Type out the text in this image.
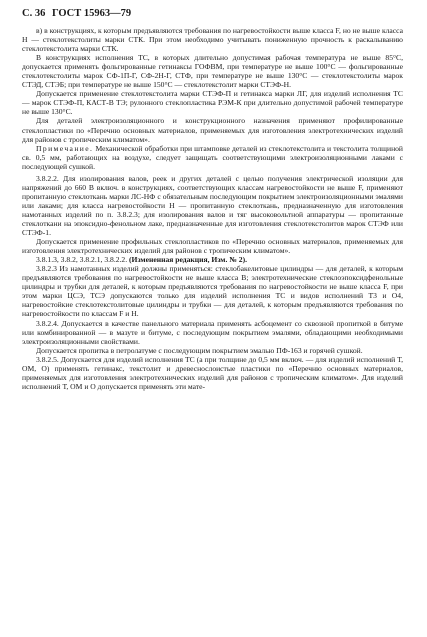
С. 36 ГОСТ 15963—79

в) в конструкциях, к которым предъявляются требования по нагревостойкости выше класса F, но не выше класса Н — стеклотекстолиты марки СТК. При этом необходимо учитывать пониженную прочность к раскалыванию стеклотекстолита марки СТК.

В конструкциях исполнения ТС, в которых длительно допустимая рабочая температура не выше 85°С, допускается применять фольгированные гетинаксы ГОФВМ, при температуре не выше 100°С — фольгированные стеклотекстолиты марок СФ-1П-Г, СФ-2Н-Г, СТФ, при температуре не выше 130°С — стеклотекстолиты марок СТЭД, СТЭБ; при температуре не выше 150°С — стеклотекстолит марки СТЭФ-Н.

Допускается применение стеклотекстолита марки СТЭФ-П и гетинакса марки ЛГ, для изделий исполнения ТС — марок СТЭФ-П, КАСТ-В ТЭ; рулонного стеклопластика РЭМ-К при длительно допустимой рабочей температуре не выше 130°С.

Для деталей электроизоляционного и конструкционного назначения применяют профилированные стеклопластики по «Перечню основных материалов, применяемых для изготовления электротехнических изделий для районов с тропическим климатом».

Примечание. Механической обработки при штамповке деталей из стеклотекстолита и текстолита толщиной св. 0,5 мм, работающих на воздухе, следует защищать соответствующими электроизоляционными лаками с последующей сушкой.

3.8.2.2. Для изолирования валов, реек и других деталей с целью получения электрической изоляции для напряжений до 660 В включ. в конструкциях, соответствующих классам нагревостойкости не выше F, применяют пропитанную стеклоткань марки ЛС-НФ с обязательным последующим покрытием электроизоляционными эмалями или лаками; для класса нагревостойкости Н — пропитанную стеклоткань, предназначенную для изготовления намотанных изделий по п. 3.8.2.3; для изолирования валов и тяг высоковольтной аппаратуры — пропитанные стеклоткани на эпоксидно-фенольном лаке, предназначенные для изготовления стеклотекстолитов марок СТЭФ или СТЭФ-1.

Допускается применение профильных стеклопластиков по «Перечню основных материалов, применяемых для изготовления электротехнических изделий для районов с тропическим климатом».

3.8.1.3, 3.8.2, 3.8.2.1, 3.8.2.2. (Измененная редакция, Изм. № 2).

3.8.2.3 Из намотанных изделий должны применяться: стеклобакелитовые цилиндры — для деталей, к которым предъявляются требования по нагревостойкости не выше класса В; электротехнические стеклоэпоксидфенольные цилиндры и трубки для деталей, к которым предъявляются требования по нагревостойкости не выше класса F, при этом марки ЦСЭ, ТСЭ допускаются только для изделий исполнения ТС и видов исполнений Т3 и О4, нагревостойкие стеклотекстолитовые цилиндры и трубки — для деталей, к которым предъявляются требования по нагревостойкости по классам F и Н.

3.8.2.4. Допускается в качестве панельного материала применять асбоцемент со сквозной пропиткой в битуме или комбинированной — в мазуте и битуме, с последующим покрытием эмалями, обладающими необходимыми электроизоляционными свойствами.

Допускается пропитка в петролатуме с последующим покрытием эмалью ПФ-163 и горячей сушкой.

3.8.2.5. Допускается для изделий исполнения ТС (а при толщине до 0,5 мм включ. — для изделий исполнений Т, ОМ, О) применять гетинакс, текстолит и древеснослоистые пластики по «Перечню основных материалов, применяемых для изготовления электротехнических изделий для районов с тропическим климатом». Для изделий исполнений Т, ОМ и О допускается применять эти мате-
